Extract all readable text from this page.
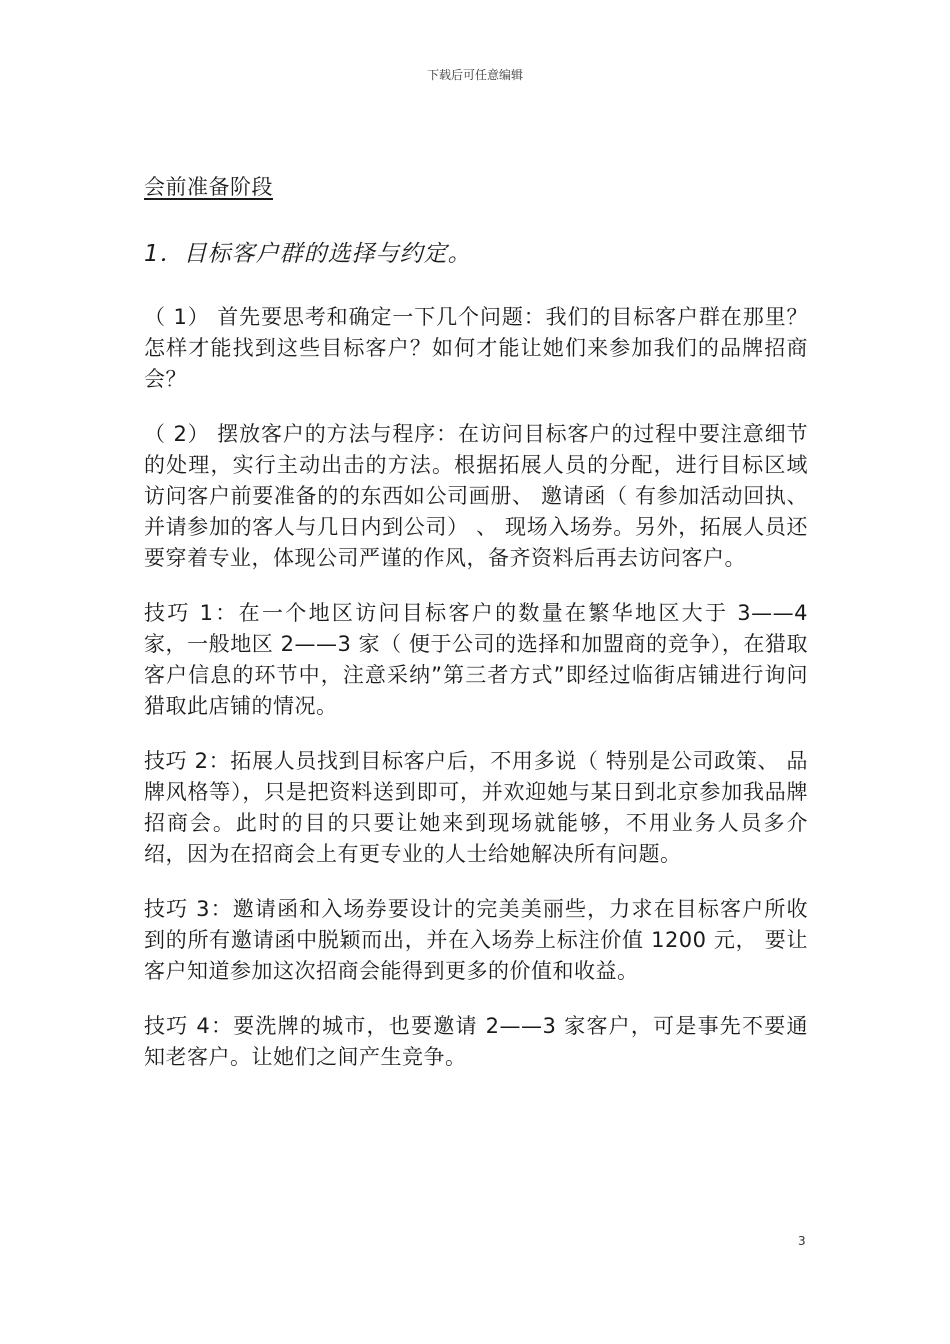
下载后可任意编辑
会前准备阶段
1．目标客户群的选择与约定。

（ 1） 首先要思考和确定一下几个问题：我们的目标客户群在那里？怎样才能找到这些目标客户？如何才能让她们来参加我们的品牌招商会？

（ 2） 摆放客户的方法与程序：在访问目标客户的过程中要注意细节的处理，实行主动出击的方法。根据拓展人员的分配，进行目标区域访问客户前要准备的的东西如公司画册、 邀请函（ 有参加活动回执、 并请参加的客人与几日内到公司） 、 现场入场券。另外，拓展人员还要穿着专业，体现公司严谨的作风，备齐资料后再去访问客户。

技巧 1：在一个地区访问目标客户的数量在繁华地区大于 3——4 家，一般地区 2——3 家（ 便于公司的选择和加盟商的竞争），在猎取客户信息的环节中，注意采纳”第三者方式”即经过临街店铺进行询问猎取此店铺的情况。

技巧 2：拓展人员找到目标客户后，不用多说（ 特别是公司政策、 品牌风格等），只是把资料送到即可，并欢迎她与某日到北京参加我品牌招商会。此时的目的只要让她来到现场就能够，不用业务人员多介绍，因为在招商会上有更专业的人士给她解决所有问题。

技巧 3：邀请函和入场券要设计的完美美丽些，力求在目标客户所收到的所有邀请函中脱颖而出，并在入场券上标注价值 1200 元， 要让客户知道参加这次招商会能得到更多的价值和收益。

技巧 4：要洗牌的城市，也要邀请 2——3 家客户，可是事先不要通知老客户。让她们之间产生竞争。

3
